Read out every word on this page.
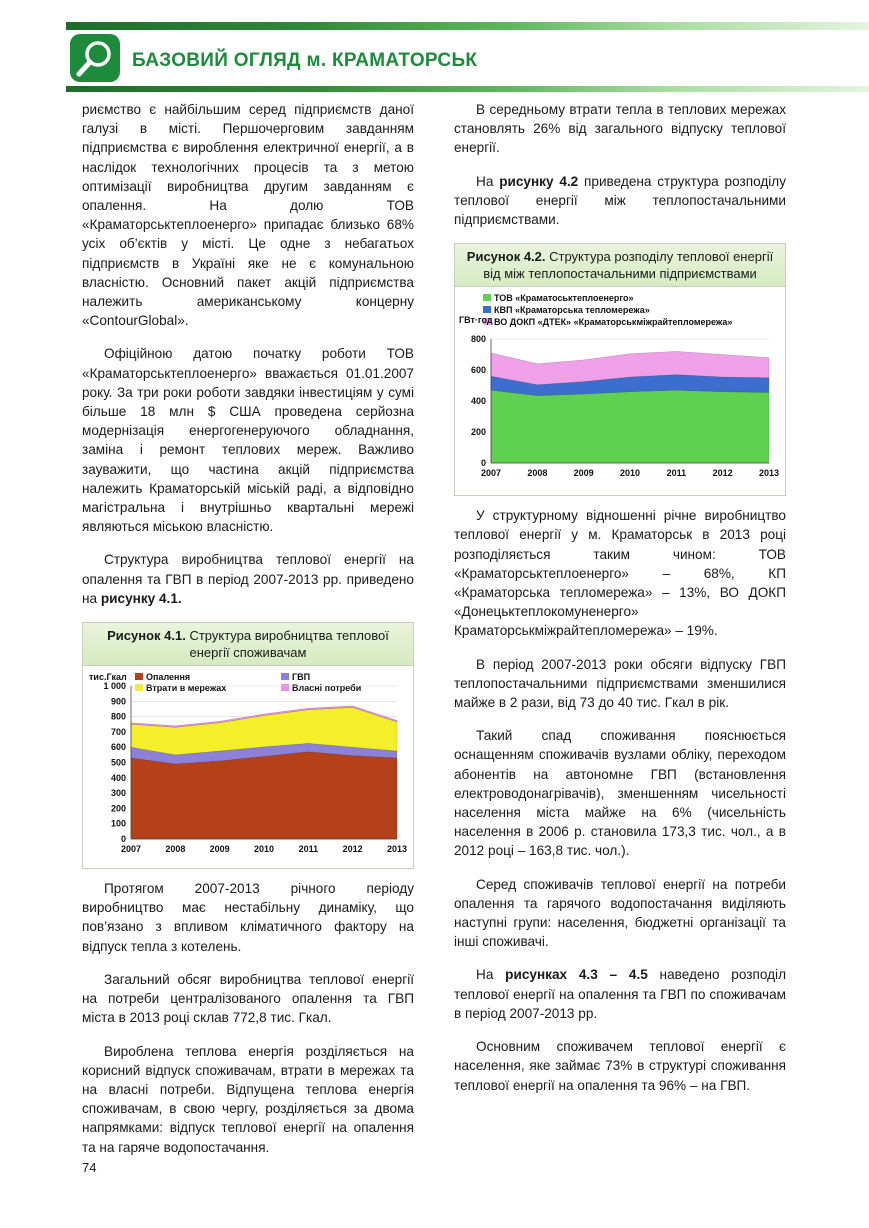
БАЗОВИЙ ОГЛЯД м. КРАМАТОРСЬК

риємство є найбільшим серед підприємств даної галузі в місті. Першочерговим завданням підприємства є вироблення електричної енергії, а в наслідок технологічних процесів та з метою оптимізації виробництва другим завданням є опалення. На долю ТОВ «Краматорськтеплоенерго» припадає близько 68% усіх об’єктів у місті. Це одне з небагатьох підприємств в Україні яке не є комунальною власністю. Основний пакет акцій підприємства належить американському концерну «ContourGlobal».

Офіційною датою початку роботи ТОВ «Краматорськтеплоенерго» вважається 01.01.2007 року. За три роки роботи завдяки інвестиціям у сумі більше 18 млн $ США проведена серйозна модернізація енергогенеруючого обладнання, заміна і ремонт теплових мереж. Важливо зауважити, що частина акцій підприємства належить Краматорській міській раді, а відповідно магістральна і внутрішньо квартальні мережі являються міською власністю.

Структура виробництва теплової енергії на опалення та ГВП в період 2007-2013 рр. приведено на рисунку 4.1.

Рисунок 4.1. Структура виробництва теплової енергії споживачам
Опалення	ГВП
Втрати в мережах	Власні потреби
тис.Гкал
0
100
200
300
400
500
600
700
800
900
1 000
2007	2008	2009	2010	2011	2012	2013

Протягом 2007-2013 річного періоду виробництво має нестабільну динаміку, що пов’язано з впливом кліматичного фактору на відпуск тепла з котелень.

Загальний обсяг виробництва теплової енергії на потреби централізованого опалення та ГВП міста в 2013 році склав 772,8 тис. Гкал.

Вироблена теплова енергія розділяється на корисний відпуск споживачам, втрати в мережах та на власні потреби. Відпущена теплова енергія споживачам, в свою чергу, розділяється за двома напрямками: відпуск теплової енергії на опалення та на гаряче водопостачання.

В середньому втрати тепла в теплових мережах становлять 26% від загального відпуску теплової енергії.

На рисунку 4.2 приведена структура розподілу теплової енергії між теплопостачальними підприємствами.

Рисунок 4.2. Структура розподілу теплової енергії від між теплопостачальними підприємствами
ТОВ «Краматоськтеплоенерго»
КВП «Краматорська тепломережа»
ВО ДОКП «ДТЕК» «Краматорськміжрайтепломережа»
ГВт·год
0
200
400
600
800
2007	2008	2009	2010	2011	2012	2013

У структурному відношенні річне виробництво теплової енергії у м. Краматорськ в 2013 році розподіляється таким чином: ТОВ «Краматорськтеплоенерго» – 68%, КП «Краматорська тепломережа» – 13%, ВО ДОКП «Донецьктеплокомуненерго» Краматорськміжрайтепломережа» – 19%.

В період 2007-2013 роки обсяги відпуску ГВП теплопостачальними підприємствами зменшилися майже в 2 рази, від 73 до 40 тис. Гкал в рік.

Такий спад споживання пояснюється оснащенням споживачів вузлами обліку, переходом абонентів на автономне ГВП (встановлення електроводонагрівачів), зменшенням чисельності населення міста майже на 6% (чисельність населення в 2006 р. становила 173,3 тис. чол., а в 2012 році – 163,8 тис. чол.).

Серед споживачів теплової енергії на потреби опалення та гарячого водопостачання виділяють наступні групи: населення, бюджетні організації та інші споживачі.

На рисунках 4.3 – 4.5 наведено розподіл теплової енергії на опалення та ГВП по споживачам в період 2007-2013 рр.

Основним споживачем теплової енергії є населення, яке займає 73% в структурі споживання теплової енергії на опалення та 96% – на ГВП.

74
